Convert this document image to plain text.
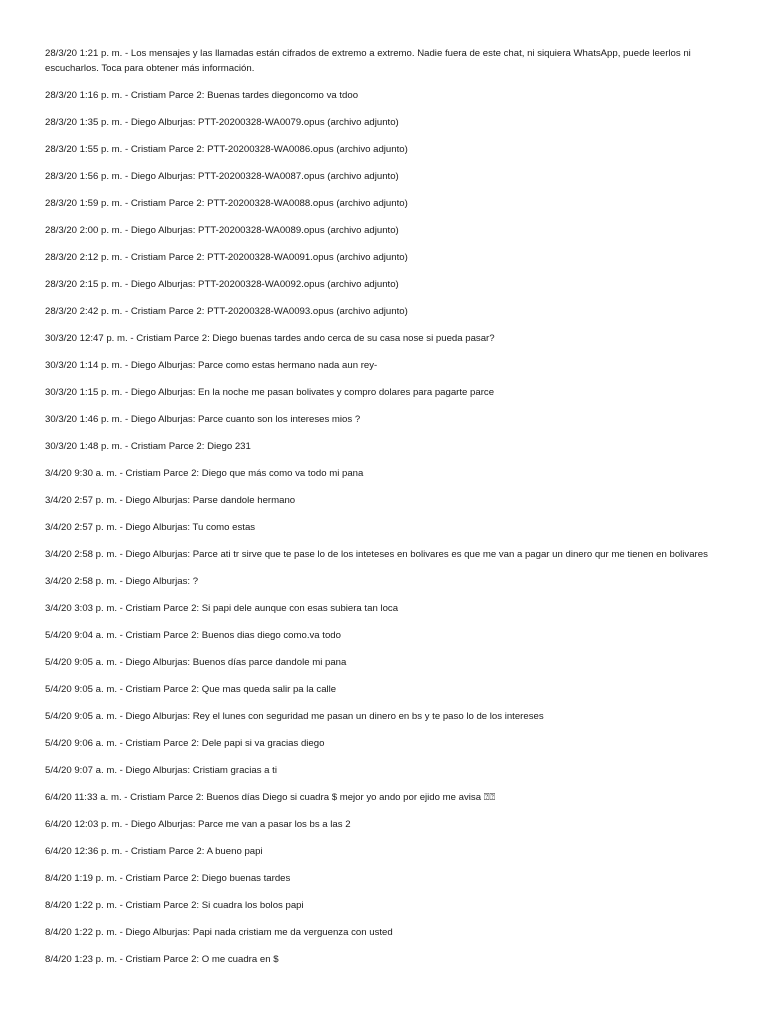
28/3/20 1:21 p. m. - Los mensajes y las llamadas están cifrados de extremo a extremo. Nadie fuera de este chat, ni siquiera WhatsApp, puede leerlos ni escucharlos. Toca para obtener más información.

28/3/20 1:16 p. m. - Cristiam Parce 2: Buenas tardes diegoncomo va tdoo

28/3/20 1:35 p. m. - Diego Alburjas: PTT-20200328-WA0079.opus (archivo adjunto)

28/3/20 1:55 p. m. - Cristiam Parce 2: PTT-20200328-WA0086.opus (archivo adjunto)

28/3/20 1:56 p. m. - Diego Alburjas: PTT-20200328-WA0087.opus (archivo adjunto)

28/3/20 1:59 p. m. - Cristiam Parce 2: PTT-20200328-WA0088.opus (archivo adjunto)

28/3/20 2:00 p. m. - Diego Alburjas: PTT-20200328-WA0089.opus (archivo adjunto)

28/3/20 2:12 p. m. - Cristiam Parce 2: PTT-20200328-WA0091.opus (archivo adjunto)

28/3/20 2:15 p. m. - Diego Alburjas: PTT-20200328-WA0092.opus (archivo adjunto)

28/3/20 2:42 p. m. - Cristiam Parce 2: PTT-20200328-WA0093.opus (archivo adjunto)

30/3/20 12:47 p. m. - Cristiam Parce 2: Diego buenas tardes ando cerca de su casa nose si pueda pasar?

30/3/20 1:14 p. m. - Diego Alburjas: Parce como estas hermano nada aun rey-

30/3/20 1:15 p. m. - Diego Alburjas: En la noche me pasan bolivates y compro dolares para pagarte parce

30/3/20 1:46 p. m. - Diego Alburjas: Parce cuanto son los intereses mios ?

30/3/20 1:48 p. m. - Cristiam Parce 2: Diego 231

3/4/20 9:30 a. m. - Cristiam Parce 2: Diego que más como va todo mi pana

3/4/20 2:57 p. m. - Diego Alburjas: Parse dandole hermano

3/4/20 2:57 p. m. - Diego Alburjas: Tu como estas

3/4/20 2:58 p. m. - Diego Alburjas: Parce ati tr sirve que te pase lo de los inteteses en bolivares es que me van a pagar un dinero qur me tienen en bolivares

3/4/20 2:58 p. m. - Diego Alburjas: ?

3/4/20 3:03 p. m. - Cristiam Parce 2: Si papi dele aunque con esas subiera tan loca

5/4/20 9:04 a. m. - Cristiam Parce 2: Buenos dias diego como.va todo

5/4/20 9:05 a. m. - Diego Alburjas: Buenos días parce dandole mi pana

5/4/20 9:05 a. m. - Cristiam Parce 2: Que mas queda salir pa la calle

5/4/20 9:05 a. m. - Diego Alburjas: Rey el lunes con seguridad me pasan un dinero en bs y te paso lo de los intereses

5/4/20 9:06 a. m. - Cristiam Parce 2: Dele papi si va gracias diego

5/4/20 9:07 a. m. - Diego Alburjas: Cristiam gracias a ti

6/4/20 11:33 a. m. - Cristiam Parce 2: Buenos días Diego si cuadra $ mejor yo ando por ejido me avisa ⍰⍰

6/4/20 12:03 p. m. - Diego Alburjas: Parce me van a pasar los bs a las 2

6/4/20 12:36 p. m. - Cristiam Parce 2: A bueno papi

8/4/20 1:19 p. m. - Cristiam Parce 2: Diego buenas tardes

8/4/20 1:22 p. m. - Cristiam Parce 2: Si cuadra los bolos papi

8/4/20 1:22 p. m. - Diego Alburjas: Papi nada cristiam me da verguenza con usted

8/4/20 1:23 p. m. - Cristiam Parce 2: O me cuadra en $
